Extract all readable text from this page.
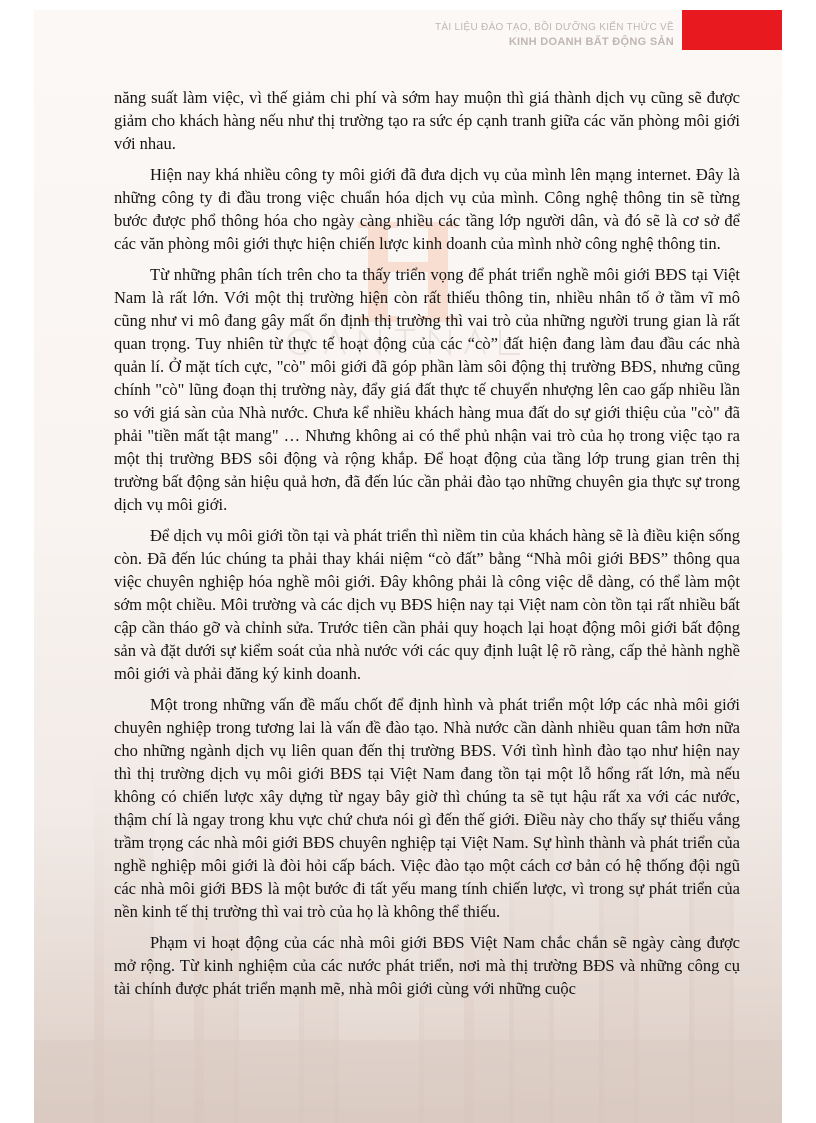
TÀI LIỆU ĐÀO TẠO, BỒI DƯỠNG KIẾN THỨC VỀ
KINH DOANH BẤT ĐỘNG SẢN

năng suất làm việc, vì thế giảm chi phí và sớm hay muộn thì giá thành dịch vụ cũng sẽ được giảm cho khách hàng nếu như thị trường tạo ra sức ép cạnh tranh giữa các văn phòng môi giới với nhau.

Hiện nay khá nhiều công ty môi giới đã đưa dịch vụ của mình lên mạng internet. Đây là những công ty đi đầu trong việc chuẩn hóa dịch vụ của mình. Công nghệ thông tin sẽ từng bước được phổ thông hóa cho ngày càng nhiều các tầng lớp người dân, và đó sẽ là cơ sở để các văn phòng môi giới thực hiện chiến lược kinh doanh của mình nhờ công nghệ thông tin.

Từ những phân tích trên cho ta thấy triển vọng để phát triển nghề môi giới BĐS tại Việt Nam là rất lớn. Với một thị trường hiện còn rất thiếu thông tin, nhiều nhân tố ở tầm vĩ mô cũng như vi mô đang gây mất ổn định thị trường thì vai trò của những người trung gian là rất quan trọng. Tuy nhiên từ thực tế hoạt động của các “cò” đất hiện đang làm đau đầu các nhà quản lí. Ở mặt tích cực, "cò" môi giới đã góp phần làm sôi động thị trường BĐS, nhưng cũng chính "cò" lũng đoạn thị trường này, đẩy giá đất thực tế chuyển nhượng lên cao gấp nhiều lần so với giá sàn của Nhà nước. Chưa kể nhiều khách hàng mua đất do sự giới thiệu của "cò" đã phải "tiền mất tật mang" … Nhưng không ai có thể phủ nhận vai trò của họ trong việc tạo ra một thị trường BĐS sôi động và rộng khắp. Để hoạt động của tầng lớp trung gian trên thị trường bất động sản hiệu quả hơn, đã đến lúc cần phải đào tạo những chuyên gia thực sự trong dịch vụ môi giới.

Để dịch vụ môi giới tồn tại và phát triển thì niềm tin của khách hàng sẽ là điều kiện sống còn. Đã đến lúc chúng ta phải thay khái niệm “cò đất” bằng “Nhà môi giới BĐS” thông qua việc chuyên nghiệp hóa nghề môi giới. Đây không phải là công việc dễ dàng, có thể làm một sớm một chiều. Môi trường và các dịch vụ BĐS hiện nay tại Việt nam còn tồn tại rất nhiều bất cập cần tháo gỡ và chỉnh sửa. Trước tiên cần phải quy hoạch lại hoạt động môi giới bất động sản và đặt dưới sự kiểm soát của nhà nước với các quy định luật lệ rõ ràng, cấp thẻ hành nghề môi giới và phải đăng ký kinh doanh.

Một trong những vấn đề mấu chốt để định hình và phát triển một lớp các nhà môi giới chuyên nghiệp trong tương lai là vấn đề đào tạo. Nhà nước cần dành nhiều quan tâm hơn nữa cho những ngành dịch vụ liên quan đến thị trường BĐS. Với tình hình đào tạo như hiện nay thì thị trường dịch vụ môi giới BĐS tại Việt Nam đang tồn tại một lỗ hổng rất lớn, mà nếu không có chiến lược xây dựng từ ngay bây giờ thì chúng ta sẽ tụt hậu rất xa với các nước, thậm chí là ngay trong khu vực chứ chưa nói gì đến thế giới. Điều này cho thấy sự thiếu vắng trầm trọng các nhà môi giới BĐS chuyên nghiệp tại Việt Nam. Sự hình thành và phát triển của nghề nghiệp môi giới là đòi hỏi cấp bách. Việc đào tạo một cách cơ bản có hệ thống đội ngũ các nhà môi giới BĐS là một bước đi tất yếu mang tính chiến lược, vì trong sự phát triển của nền kinh tế thị trường thì vai trò của họ là không thể thiếu.

Phạm vi hoạt động của các nhà môi giới BĐS Việt Nam chắc chắn sẽ ngày càng được mở rộng. Từ kinh nghiệm của các nước phát triển, nơi mà thị trường BĐS và những công cụ tài chính được phát triển mạnh mẽ, nhà môi giới cùng với những cuộc
